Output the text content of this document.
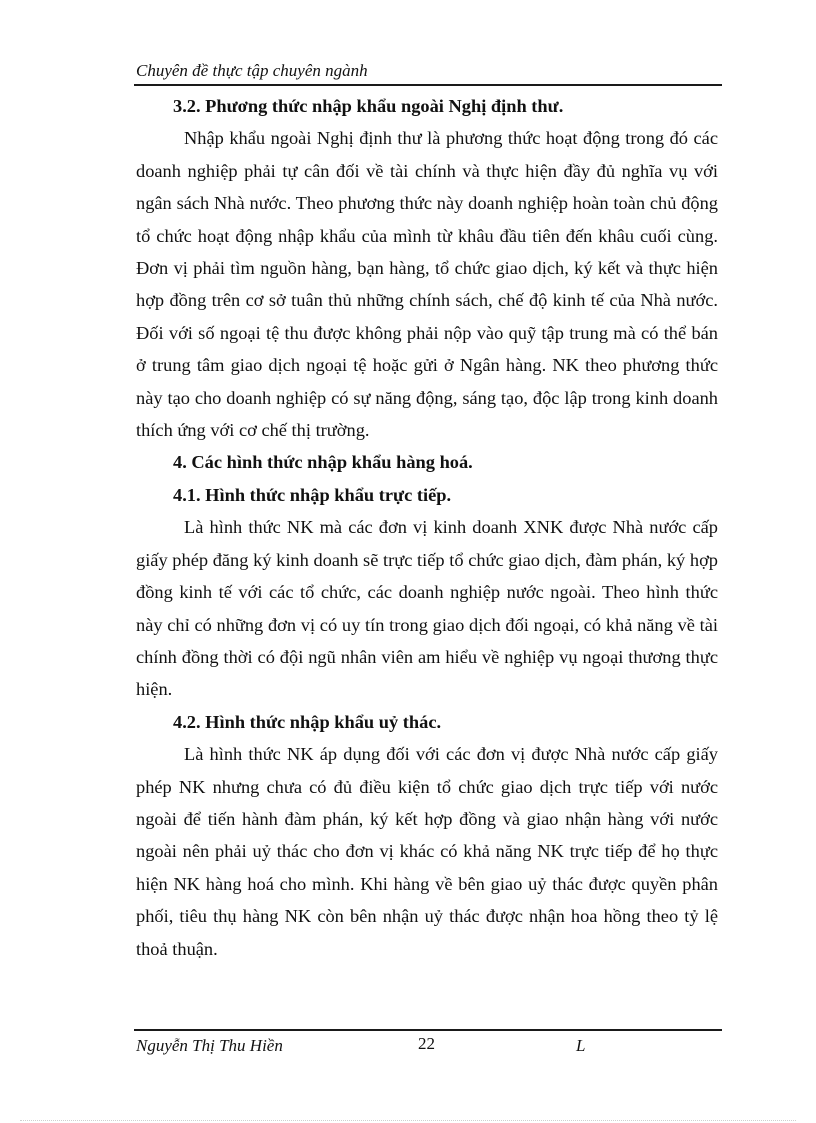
Chuyên đề thực tập chuyên ngành

3.2. Phương thức nhập khẩu ngoài Nghị định thư.

Nhập khẩu ngoài Nghị định thư là phương thức hoạt động trong đó các doanh nghiệp phải tự cân đối về tài chính và thực hiện đầy đủ nghĩa vụ với ngân sách Nhà nước. Theo phương thức này doanh nghiệp hoàn toàn chủ động tổ chức hoạt động nhập khẩu của mình từ khâu đầu tiên đến khâu cuối cùng. Đơn vị phải tìm nguồn hàng, bạn hàng, tổ chức giao dịch, ký kết và thực hiện hợp đồng trên cơ sở tuân thủ những chính sách, chế độ kinh tế của Nhà nước. Đối với số ngoại tệ thu được không phải nộp vào quỹ tập trung mà có thể bán ở trung tâm giao dịch ngoại tệ hoặc gửi ở Ngân hàng. NK theo phương thức này tạo cho doanh nghiệp có sự năng động, sáng tạo, độc lập trong kinh doanh thích ứng với cơ chế thị trường.

4. Các hình thức nhập khẩu hàng hoá.

4.1. Hình thức nhập khẩu trực tiếp.

Là hình thức NK mà các đơn vị kinh doanh XNK được Nhà nước cấp giấy phép đăng ký kinh doanh sẽ trực tiếp tổ chức giao dịch, đàm phán, ký hợp đồng kinh tế với các tổ chức, các doanh nghiệp nước ngoài. Theo hình thức này chỉ có những đơn vị có uy tín trong giao dịch đối ngoại, có khả năng về tài chính đồng thời có đội ngũ nhân viên am hiểu về nghiệp vụ ngoại thương thực hiện.

4.2. Hình thức nhập khẩu uỷ thác.

Là hình thức NK áp dụng đối với các đơn vị được Nhà nước cấp giấy phép NK nhưng chưa có đủ điều kiện tổ chức giao dịch trực tiếp với nước ngoài để tiến hành đàm phán, ký kết hợp đồng và giao nhận hàng với nước ngoài nên phải uỷ thác cho đơn vị khác có khả năng NK trực tiếp để họ thực hiện NK hàng hoá cho mình. Khi hàng về bên giao uỷ thác được quyền phân phối, tiêu thụ hàng NK còn bên nhận uỷ thác được nhận hoa hồng theo tỷ lệ thoả thuận.

Nguyễn Thị Thu Hiền	22	L
